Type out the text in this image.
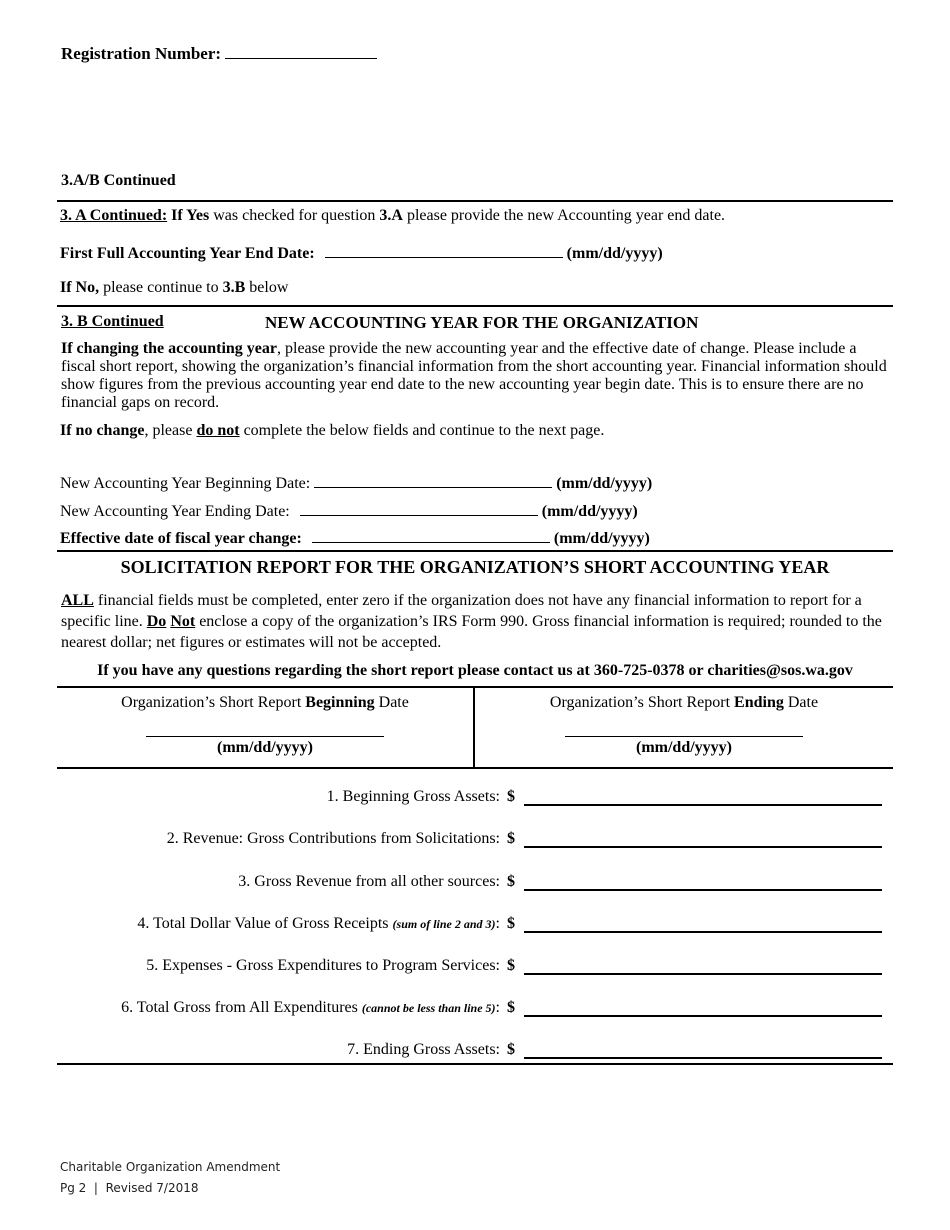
Registration Number:
3.A/B Continued
3. A Continued: If Yes was checked for question 3.A please provide the new Accounting year end date.
First Full Accounting Year End Date:	(mm/dd/yyyy)
If No, please continue to 3.B below
3. B Continued	NEW ACCOUNTING YEAR FOR THE ORGANIZATION
If changing the accounting year, please provide the new accounting year and the effective date of change. Please include a fiscal short report, showing the organization’s financial information from the short accounting year. Financial information should show figures from the previous accounting year end date to the new accounting year begin date. This is to ensure there are no financial gaps on record.
If no change, please do not complete the below fields and continue to the next page.
New Accounting Year Beginning Date:	(mm/dd/yyyy)
New Accounting Year Ending Date:	(mm/dd/yyyy)
Effective date of fiscal year change:	(mm/dd/yyyy)
SOLICITATION REPORT FOR THE ORGANIZATION’S SHORT ACCOUNTING YEAR
ALL financial fields must be completed, enter zero if the organization does not have any financial information to report for a specific line. Do Not enclose a copy of the organization’s IRS Form 990. Gross financial information is required; rounded to the nearest dollar; net figures or estimates will not be accepted.
If you have any questions regarding the short report please contact us at 360-725-0378 or charities@sos.wa.gov
Organization’s Short Report Beginning Date
(mm/dd/yyyy)
Organization’s Short Report Ending Date
(mm/dd/yyyy)
1. Beginning Gross Assets: $
2. Revenue: Gross Contributions from Solicitations: $
3. Gross Revenue from all other sources: $
4. Total Dollar Value of Gross Receipts (sum of line 2 and 3): $
5. Expenses - Gross Expenditures to Program Services: $
6. Total Gross from All Expenditures (cannot be less than line 5): $
7. Ending Gross Assets: $
Charitable Organization Amendment
Pg 2  |  Revised 7/2018
